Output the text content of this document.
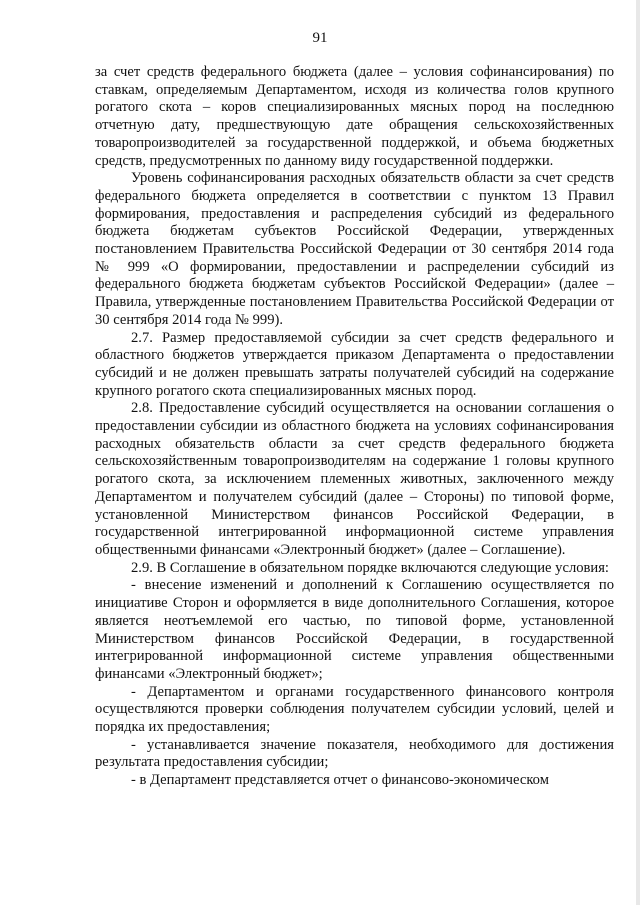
91

за счет средств федерального бюджета (далее – условия софинансирования) по ставкам, определяемым Департаментом, исходя из количества голов крупного рогатого скота – коров специализированных мясных пород на последнюю отчетную дату, предшествующую дате обращения сельскохозяйственных товаропроизводителей за государственной поддержкой, и объема бюджетных средств, предусмотренных по данному виду государственной поддержки.

Уровень софинансирования расходных обязательств области за счет средств федерального бюджета определяется в соответствии с пунктом 13 Правил формирования, предоставления и распределения субсидий из федерального бюджета бюджетам субъектов Российской Федерации, утвержденных постановлением Правительства Российской Федерации от 30 сентября 2014 года № 999 «О формировании, предоставлении и распределении субсидий из федерального бюджета бюджетам субъектов Российской Федерации» (далее – Правила, утвержденные постановлением Правительства Российской Федерации от 30 сентября 2014 года № 999).

2.7. Размер предоставляемой субсидии за счет средств федерального и областного бюджетов утверждается приказом Департамента о предоставлении субсидий и не должен превышать затраты получателей субсидий на содержание крупного рогатого скота специализированных мясных пород.

2.8. Предоставление субсидий осуществляется на основании соглашения о предоставлении субсидии из областного бюджета на условиях софинансирования расходных обязательств области за счет средств федерального бюджета сельскохозяйственным товаропроизводителям на содержание 1 головы крупного рогатого скота, за исключением племенных животных, заключенного между Департаментом и получателем субсидий (далее – Стороны) по типовой форме, установленной Министерством финансов Российской Федерации, в государственной интегрированной информационной системе управления общественными финансами «Электронный бюджет» (далее – Соглашение).

2.9. В Соглашение в обязательном порядке включаются следующие условия:

- внесение изменений и дополнений к Соглашению осуществляется по инициативе Сторон и оформляется в виде дополнительного Соглашения, которое является неотъемлемой его частью, по типовой форме, установленной Министерством финансов Российской Федерации, в государственной интегрированной информационной системе управления общественными финансами «Электронный бюджет»;

- Департаментом и органами государственного финансового контроля осуществляются проверки соблюдения получателем субсидии условий, целей и порядка их предоставления;

- устанавливается значение показателя, необходимого для достижения результата предоставления субсидии;

- в Департамент представляется отчет о финансово-экономическом
